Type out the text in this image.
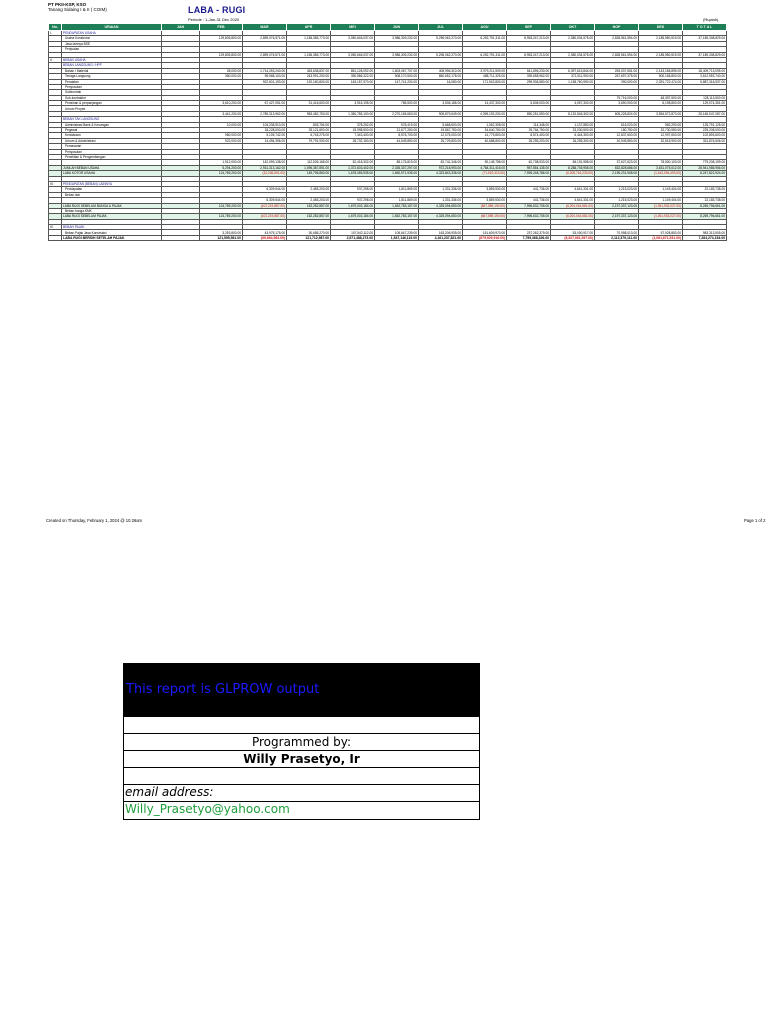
PT PKII-KSP, KSO
Tanang Sidaing I & II ( COIM)	LABA - RUGI
Periode : 1-Jan-31 Dec 2020	(Rupiah)
No.	URAIAN	JAN	FEB	MAR	APR	MEI	JUN	JUL	AGU	SEP	OKT	NOP	DES	T O T A L
I.	PENDAPATAN USAHA													
	Usaha Konstruksi		129,805,800.00	2,899,076,571.00	1,156,385,773.00	3,050,646,037.00	3,986,309,232.00	5,296,062,270.00	6,252,791,311.00	8,953,247,213.00	2,080,034,575.00	2,828,561,594.00	2,185,980,519.00	37,189,308,829.00
	Jasa lainnya BSE													
	Penjualan													
			129,805,800.00	2,899,076,571.00	1,156,385,773.00	3,050,646,037.00	3,986,309,232.00	5,296,062,270.00	6,252,791,311.00	8,953,247,213.00	2,080,034,575.00	2,828,561,594.00	2,185,980,519.00	37,189,308,829.00
II.	BEBAN USAHA													
	BEBAN LANGSUNG / HPP													
	Bahan / Material		28,000.00	1,714,253,240.00	453,638,837.00	851,128,092.00	1,603,067,707.00	405,996,310.00	3,979,211,509.00	541,695,230.00	6,397,615,844.00	253,037,551.00	2,143,186,895.00	18,409,713,095.00
	Tenaga Langsung		380,000.00	95,568,100.00	243,991,200.00	390,586,322.00	508,170,500.00	860,652,178.00	488,711,325.00	339,658,962.00	371,511,900.00	267,697,375.00	500,168,800.00	3,612,953,740.00
	Peralatan			922,601,193.00	192,180,800.00	163,157,970.00	147,741,200.00	16,080.00	171,942,800.00	299,936,580.00	1,158,760,990.00	390,000.00	2,391,722,474.00	5,887,316,937.00
	Penyusutan													
	Subkontrak													
	Sub-kontraktor											79,716,000.00	48,397,500.00	128,113,500.00
	Perizinan & perpanjangan		3,610,200.00	67,427,051.00	31,416,600.00	3,916,195.00	785,500.00	3,536,185.00	14,437,300.00	5,608,000.00	4,057,300.00	3,690,000.00	6,198,800.00	129,074,351.00
	Umum Proyek													
			3,441,200.00	2,789,313,962.00	983,482,753.00	1,350,785,100.00	2,270,165,663.00	909,879,649.00	4,399,192,200.00	890,251,590.00	8,132,546,302.00	605,228,824.00	3,554,572,873.00	28,165,547,087.00
	BEBAN TAK LANGSUNG													
	Administrasi Bank & Keuangan		10,000.00	104,238,910.00	803,754.00	378,252.00	578,419.00	5,668,600.00	1,062,308.00	114,348.00	1,137,883.00	616,020.00	582,293.00	125,791,125.00
	Pegawai			18,228,000.00	25,121,800.00	15,998,500.00	21,677,250.00	19,867,750.00	34,640,750.00	25,764,750.00	23,030,500.00	180,750.00	32,730,950.00	225,208,000.00
	Kendaraan		980,000.00	5,139,742.00	6,745,275.00	7,343,400.00	8,576,700.00	12,075,000.00	14,779,800.00	8,574,400.00	6,444,300.00	12,837,600.00	12,997,600.00	102,893,600.00
	Umum & Administrasi		922,000.00	14,494,396.00	79,791,930.00	28,702,150.00	44,649,850.00	25,729,800.00	40,688,800.00	28,255,200.00	26,255,300.00	10,949,850.00	32,515,900.00	331,876,506.00
	Pemasaran													
	Penyusutan													
	Penelitian & Pengembangan													
			1,912,000.00	142,099,138.00	112,526,168.00	52,418,302.00	85,175,819.00	62,741,346.00	90,145,758.00	62,708,933.00	56,191,958.00	37,627,623.00	78,500,103.00	779,208,199.00
	JUMLAH BEBAN USAHA		5,294,200.00	2,931,313,162.00	1,096,387,891.00	1,372,603,402.00	2,335,337,297.00	972,218,993.00	4,784,311,416.00	957,554,135.00	8,288,735,955.00	632,828,686.00	3,631,075,012.00	28,941,985,956.00
	LABA KOTOR USAHA		124,789,200.00	(32,236,591.00)	149,796,850.00	1,678,055,935.00	1,650,971,935.00	4,323,843,336.00	(71,519,313.00)	7,995,248,786.00	(6,208,716,233.00)	2,195,231,508.00	(1,443,094,493.00)	8,247,822,924.00

III.	PENDAPATAN (BEBAN) LAINNYA													
	Pendapatan			6,309,544.00	2,485,203.00	937,298.00	1,811,869.00	1,331,336.00	3,859,530.00	441,736.00	4,641,331.00	1,215,023.00	1,149,404.00	22,183,738.00
	Beban lain													
				6,309,544.00	2,485,203.00	937,298.00	1,811,869.00	1,331,336.00	3,859,530.00	441,736.00	4,641,331.00	1,215,023.00	1,149,404.00	22,183,738.00
	LABA RUGI SEBELUM BUNGA & PAJAK		124,789,200.00	(102,219,887.00)	152,282,857.00	1,679,002,184.00	1,652,783,157.00	4,325,094,650.00	(667,589,190.00)	7,996,632,705.00	(6,204,044,581.00)	2,197,337,123.00	(1,051,933,027.00)	8,269,796,661.00
	Beban bunga KMK													
	LABA RUGI SEBELUM PAJAK		124,789,200.00	(102,219,887.00)	152,282,857.00	1,679,002,184.00	1,652,783,157.00	4,325,094,650.00	(667,589,190.00)	7,996,632,705.00	(6,204,044,581.00)	2,197,337,123.00	(1,051,933,027.00)	8,269,796,661.00

IV.	BEBAN PAJAK													
	Beban Pajak Jasa Konstruksi		3,253,800.00	43,975,175.00	30,685,270.00	107,542,112.00	105,647,239.00	163,206,939.00	151,609,970.00	237,262,379.00	53,000,917.00	70,958,013.00	57,928,853.00	983,313,505.00
	LABA RUGI BERSIH SETELAH PAJAK		121,595,561.00	(69,664,963.00)	121,712,987.00	2,571,488,273.00	1,547,146,119.00	4,161,237,821.00	(679,929,916.00)	7,759,368,326.00	(6,337,061,397.00)	2,112,379,111.00	(1,081,671,531.00)	7,284,274,154.00
Created on Thursday, February 1, 2024 @ 10.26am	Page 1 of 2
This report is GLPROW output
Programmed by:
Willy Prasetyo, Ir
email address:
Willy_Prasetyo@yahoo.com
